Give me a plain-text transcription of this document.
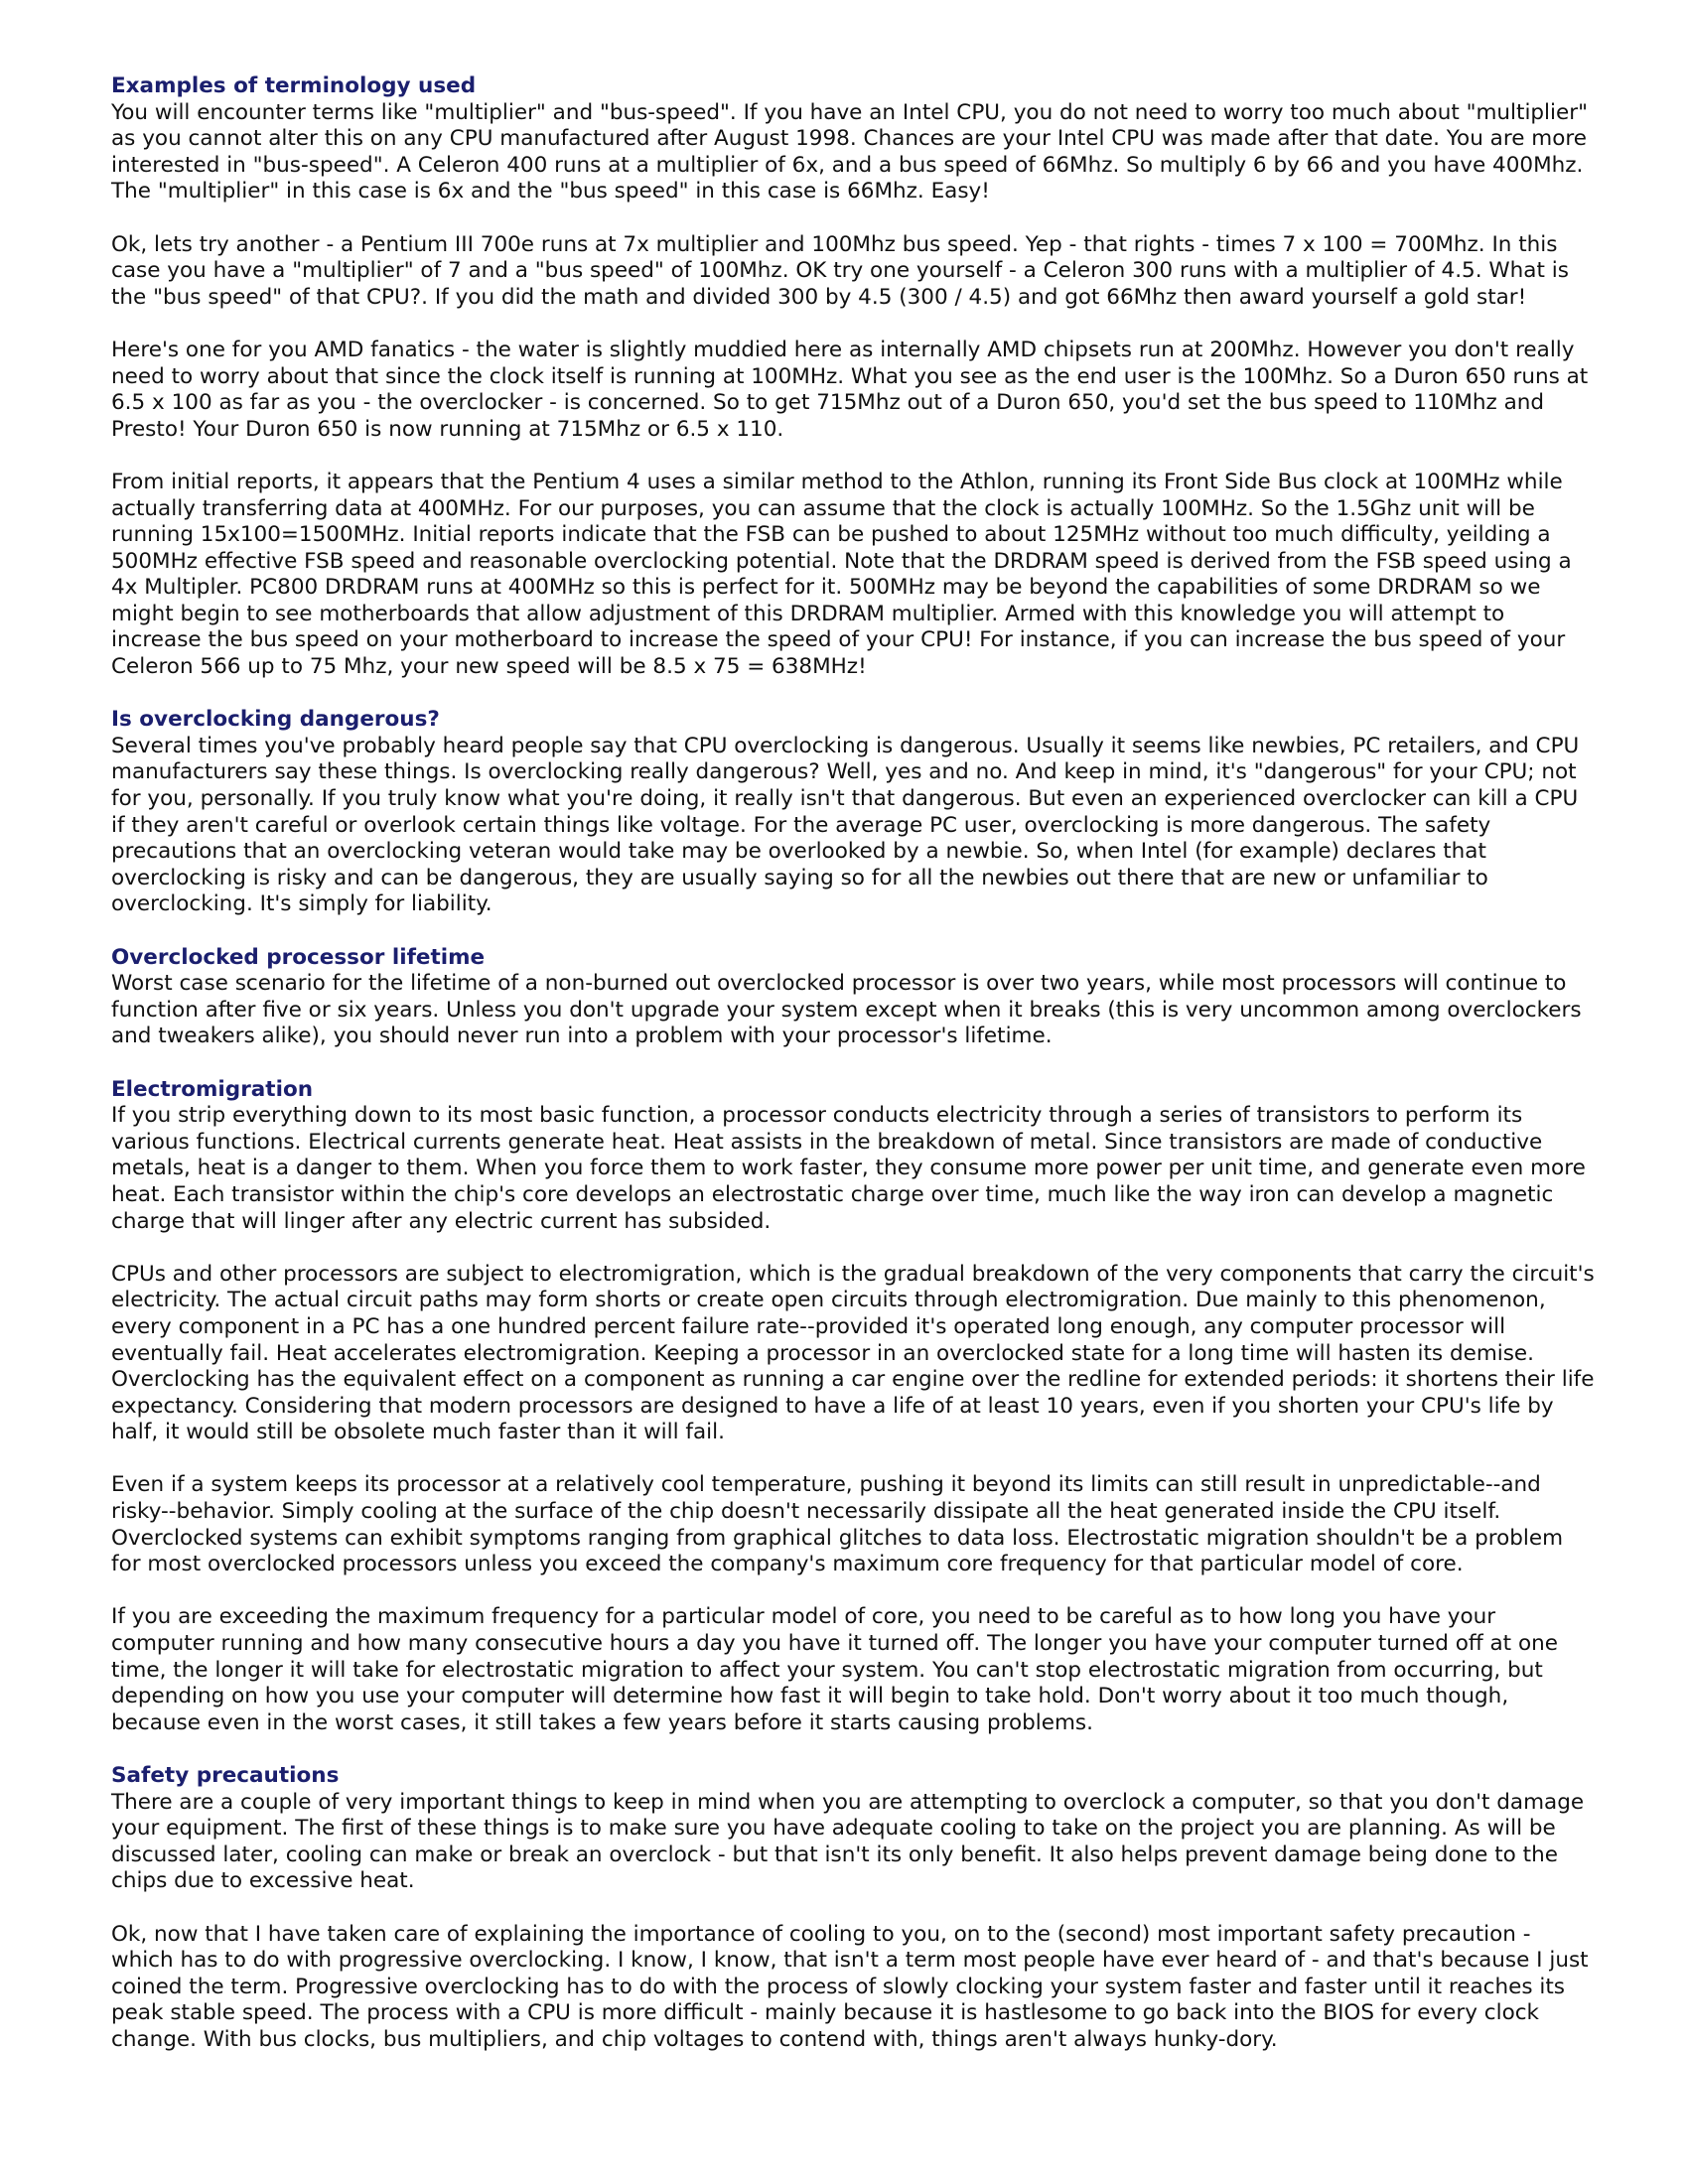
Examples of terminology used

You will encounter terms like "multiplier" and "bus-speed". If you have an Intel CPU, you do not need to worry too much about "multiplier" as you cannot alter this on any CPU manufactured after August 1998. Chances are your Intel CPU was made after that date. You are more interested in "bus-speed". A Celeron 400 runs at a multiplier of 6x, and a bus speed of 66Mhz. So multiply 6 by 66 and you have 400Mhz. The "multiplier" in this case is 6x and the "bus speed" in this case is 66Mhz. Easy!

Ok, lets try another - a Pentium III 700e runs at 7x multiplier and 100Mhz bus speed. Yep - that rights - times 7 x 100 = 700Mhz. In this case you have a "multiplier" of 7 and a "bus speed" of 100Mhz. OK try one yourself - a Celeron 300 runs with a multiplier of 4.5. What is the "bus speed" of that CPU?. If you did the math and divided 300 by 4.5 (300 / 4.5) and got 66Mhz then award yourself a gold star!

Here's one for you AMD fanatics - the water is slightly muddied here as internally AMD chipsets run at 200Mhz. However you don't really need to worry about that since the clock itself is running at 100MHz. What you see as the end user is the 100Mhz. So a Duron 650 runs at 6.5 x 100 as far as you - the overclocker - is concerned. So to get 715Mhz out of a Duron 650, you'd set the bus speed to 110Mhz and Presto! Your Duron 650 is now running at 715Mhz or 6.5 x 110.

From initial reports, it appears that the Pentium 4 uses a similar method to the Athlon, running its Front Side Bus clock at 100MHz while actually transferring data at 400MHz. For our purposes, you can assume that the clock is actually 100MHz. So the 1.5Ghz unit will be running 15x100=1500MHz. Initial reports indicate that the FSB can be pushed to about 125MHz without too much difficulty, yeilding a 500MHz effective FSB speed and reasonable overclocking potential. Note that the DRDRAM speed is derived from the FSB speed using a 4x Multipler. PC800 DRDRAM runs at 400MHz so this is perfect for it. 500MHz may be beyond the capabilities of some DRDRAM so we might begin to see motherboards that allow adjustment of this DRDRAM multiplier. Armed with this knowledge you will attempt to increase the bus speed on your motherboard to increase the speed of your CPU! For instance, if you can increase the bus speed of your Celeron 566 up to 75 Mhz, your new speed will be 8.5 x 75 = 638MHz!

Is overclocking dangerous?

Several times you've probably heard people say that CPU overclocking is dangerous. Usually it seems like newbies, PC retailers, and CPU manufacturers say these things. Is overclocking really dangerous? Well, yes and no. And keep in mind, it's "dangerous" for your CPU; not for you, personally. If you truly know what you're doing, it really isn't that dangerous. But even an experienced overclocker can kill a CPU if they aren't careful or overlook certain things like voltage. For the average PC user, overclocking is more dangerous. The safety precautions that an overclocking veteran would take may be overlooked by a newbie. So, when Intel (for example) declares that overclocking is risky and can be dangerous, they are usually saying so for all the newbies out there that are new or unfamiliar to overclocking. It's simply for liability.

Overclocked processor lifetime

Worst case scenario for the lifetime of a non-burned out overclocked processor is over two years, while most processors will continue to function after five or six years. Unless you don't upgrade your system except when it breaks (this is very uncommon among overclockers and tweakers alike), you should never run into a problem with your processor's lifetime.

Electromigration

If you strip everything down to its most basic function, a processor conducts electricity through a series of transistors to perform its various functions. Electrical currents generate heat. Heat assists in the breakdown of metal. Since transistors are made of conductive metals, heat is a danger to them. When you force them to work faster, they consume more power per unit time, and generate even more heat. Each transistor within the chip's core develops an electrostatic charge over time, much like the way iron can develop a magnetic charge that will linger after any electric current has subsided.

CPUs and other processors are subject to electromigration, which is the gradual breakdown of the very components that carry the circuit's electricity. The actual circuit paths may form shorts or create open circuits through electromigration. Due mainly to this phenomenon, every component in a PC has a one hundred percent failure rate--provided it's operated long enough, any computer processor will eventually fail. Heat accelerates electromigration. Keeping a processor in an overclocked state for a long time will hasten its demise. Overclocking has the equivalent effect on a component as running a car engine over the redline for extended periods: it shortens their life expectancy. Considering that modern processors are designed to have a life of at least 10 years, even if you shorten your CPU's life by half, it would still be obsolete much faster than it will fail.

Even if a system keeps its processor at a relatively cool temperature, pushing it beyond its limits can still result in unpredictable--and risky--behavior. Simply cooling at the surface of the chip doesn't necessarily dissipate all the heat generated inside the CPU itself. Overclocked systems can exhibit symptoms ranging from graphical glitches to data loss. Electrostatic migration shouldn't be a problem for most overclocked processors unless you exceed the company's maximum core frequency for that particular model of core.

If you are exceeding the maximum frequency for a particular model of core, you need to be careful as to how long you have your computer running and how many consecutive hours a day you have it turned off. The longer you have your computer turned off at one time, the longer it will take for electrostatic migration to affect your system. You can't stop electrostatic migration from occurring, but depending on how you use your computer will determine how fast it will begin to take hold. Don't worry about it too much though, because even in the worst cases, it still takes a few years before it starts causing problems.

Safety precautions

There are a couple of very important things to keep in mind when you are attempting to overclock a computer, so that you don't damage your equipment. The first of these things is to make sure you have adequate cooling to take on the project you are planning. As will be discussed later, cooling can make or break an overclock - but that isn't its only benefit. It also helps prevent damage being done to the chips due to excessive heat.

Ok, now that I have taken care of explaining the importance of cooling to you, on to the (second) most important safety precaution - which has to do with progressive overclocking. I know, I know, that isn't a term most people have ever heard of - and that's because I just coined the term. Progressive overclocking has to do with the process of slowly clocking your system faster and faster until it reaches its peak stable speed. The process with a CPU is more difficult - mainly because it is hastlesome to go back into the BIOS for every clock change. With bus clocks, bus multipliers, and chip voltages to contend with, things aren't always hunky-dory.
